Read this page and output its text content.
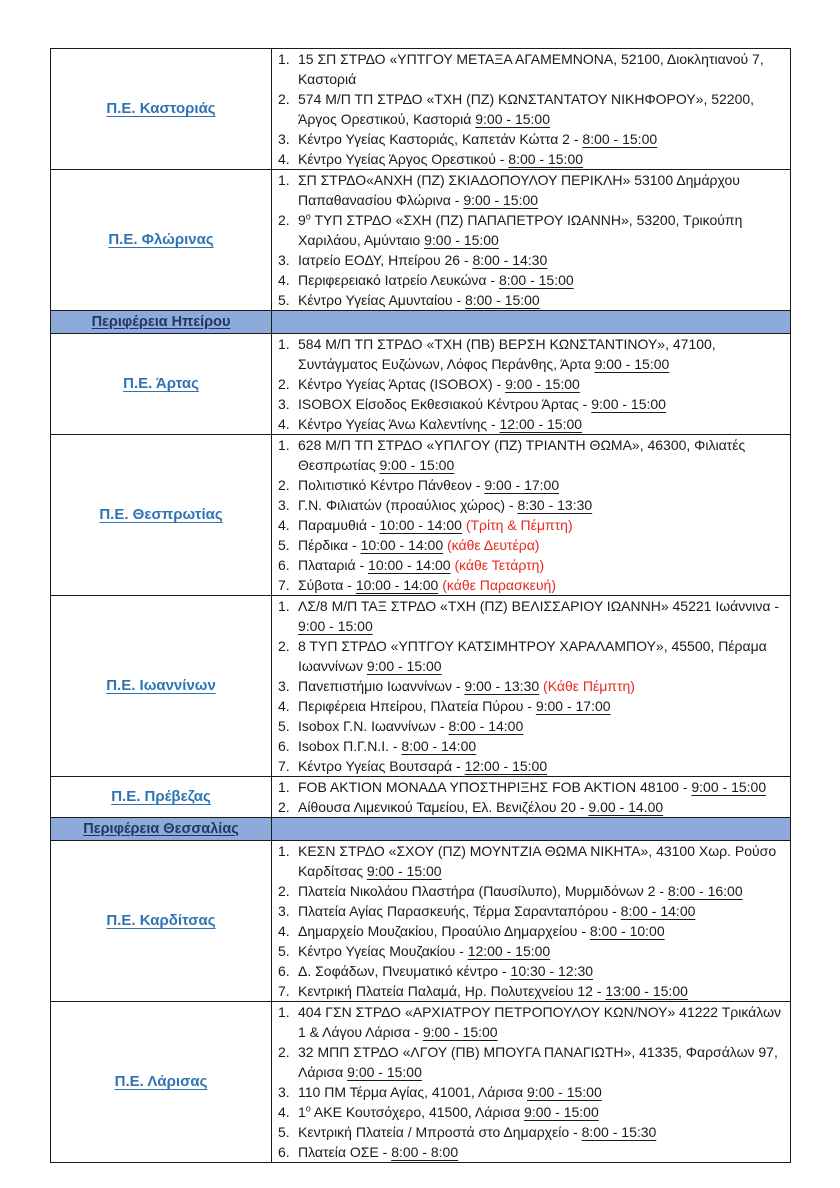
Π.Ε. Καστοριάς	
1. 15 ΣΠ ΣΤΡΔΟ «ΥΠΤΓΟΥ ΜΕΤΑΞΑ ΑΓΑΜΕΜΝΟΝΑ, 52100, Διοκλητιανού 7, Καστοριά
2. 574 Μ/Π ΤΠ ΣΤΡΔΟ «ΤΧΗ (ΠΖ) ΚΩΝΣΤΑΝΤΑΤΟΥ ΝΙΚΗΦΟΡΟΥ», 52200, Άργος Ορεστικού, Καστοριά 9:00 - 15:00
3. Κέντρο Υγείας Καστοριάς, Καπετάν Κώττα 2 - 8:00 - 15:00
4. Κέντρο Υγείας Άργος Ορεστικού - 8:00 - 15:00

Π.Ε. Φλώρινας	
1. ΣΠ ΣΤΡΔΟ«ΑΝΧΗ (ΠΖ) ΣΚΙΑΔΟΠΟΥΛΟΥ ΠΕΡΙΚΛΗ» 53100 Δημάρχου Παπαθανασίου Φλώρινα - 9:00 - 15:00
2. $9^o$ ΤΥΠ ΣΤΡΔΟ «ΣΧΗ (ΠΖ) ΠΑΠΑΠΕΤΡΟΥ ΙΩΑΝΝΗ», 53200, Τρικούπη Χαριλάου, Αμύνταιο 9:00 - 15:00
3. Ιατρείο ΕΟΔΥ, Ηπείρου 26 - 8:00 - 14:30
4. Περιφερειακό Ιατρείο Λευκώνα - 8:00 - 15:00
5. Κέντρο Υγείας Αμυνταίου - 8:00 - 15:00

Περιφέρεια Ηπείρου	

Π.Ε. Άρτας	
1. 584 Μ/Π ΤΠ ΣΤΡΔΟ «ΤΧΗ (ΠΒ) ΒΕΡΣΗ ΚΩΝΣΤΑΝΤΙΝΟΥ», 47100, Συντάγματος Ευζώνων, Λόφος Περάνθης, Άρτα 9:00 - 15:00
2. Κέντρο Υγείας Άρτας (ISOBOX) - 9:00 - 15:00
3. ISOBOX Είσοδος Εκθεσιακού Κέντρου Άρτας - 9:00 - 15:00
4. Κέντρο Υγείας Άνω Καλεντίνης - 12:00 - 15:00

Π.Ε. Θεσπρωτίας	
1. 628 Μ/Π ΤΠ ΣΤΡΔΟ «ΥΠΛΓΟΥ (ΠΖ) ΤΡΙΑΝΤΗ ΘΩΜΑ», 46300, Φιλιατές Θεσπρωτίας 9:00 - 15:00
2. Πολιτιστικό Κέντρο Πάνθεον - 9:00 - 17:00
3. Γ.Ν. Φιλιατών (προαύλιος χώρος) - 8:30 - 13:30
4. Παραμυθιά - 10:00 - 14:00 (Τρίτη & Πέμπτη)
5. Πέρδικα - 10:00 - 14:00 (κάθε Δευτέρα)
6. Πλαταριά - 10:00 - 14:00 (κάθε Τετάρτη)
7. Σύβοτα - 10:00 - 14:00 (κάθε Παρασκευή)

Π.Ε. Ιωαννίνων	
1. ΛΣ/8 Μ/Π ΤΑΞ ΣΤΡΔΟ «ΤΧΗ (ΠΖ) ΒΕΛΙΣΣΑΡΙΟΥ ΙΩΑΝΝΗ» 45221 Ιωάννινα - 9:00 - 15:00
2. 8 ΤΥΠ ΣΤΡΔΟ «ΥΠΤΓΟΥ ΚΑΤΣΙΜΗΤΡΟΥ ΧΑΡΑΛΑΜΠΟΥ», 45500, Πέραμα Ιωαννίνων 9:00 - 15:00
3. Πανεπιστήμιο Ιωαννίνων - 9:00 - 13:30 (Κάθε Πέμπτη)
4. Περιφέρεια Ηπείρου, Πλατεία Πύρου - 9:00 - 17:00
5. Isobox Γ.Ν. Ιωαννίνων - 8:00 - 14:00
6. Isobox Π.Γ.Ν.Ι. - 8:00 - 14:00
7. Κέντρο Υγείας Βουτσαρά - 12:00 - 15:00

Π.Ε. Πρέβεζας	1. FOB AKTION ΜΟΝΑΔΑ ΥΠΟΣΤΗΡΙΞΗΣ FOB AKTION 48100 - 9:00 - 15:00
2. Αίθουσα Λιμενικού Ταμείου, Ελ. Βενιζέλου 20 - 9.00 - 14.00

Περιφέρεια Θεσσαλίας	

Π.Ε. Καρδίτσας	
1. ΚΕΣΝ ΣΤΡΔΟ «ΣΧΟΥ (ΠΖ) ΜΟΥΝΤΖΙΑ ΘΩΜΑ ΝΙΚΗΤΑ», 43100 Χωρ. Ρούσο Καρδίτσας 9:00 - 15:00
2. Πλατεία Νικολάου Πλαστήρα (Παυσίλυπο), Μυρμιδόνων 2 - 8:00 - 16:00
3. Πλατεία Αγίας Παρασκευής, Τέρμα Σαρανταπόρου - 8:00 - 14:00
4. Δημαρχείο Μουζακίου, Προαύλιο Δημαρχείου - 8:00 - 10:00
5. Κέντρο Υγείας Μουζακίου - 12:00 - 15:00
6. Δ. Σοφάδων, Πνευματικό κέντρο - 10:30 - 12:30
7. Κεντρική Πλατεία Παλαμά, Ηρ. Πολυτεχνείου 12 - 13:00 - 15:00

Π.Ε. Λάρισας	
1. 404 ΓΣΝ ΣΤΡΔΟ «ΑΡΧΙΑΤΡΟΥ ΠΕΤΡΟΠΟΥΛΟΥ ΚΩΝ/ΝΟΥ» 41222 Τρικάλων 1 & Λάγου Λάρισα - 9:00 - 15:00
2. 32 ΜΠΠ ΣΤΡΔΟ «ΛΓΟΥ (ΠΒ) ΜΠΟΥΓΑ ΠΑΝΑΓΙΩΤΗ», 41335, Φαρσάλων 97, Λάρισα 9:00 - 15:00
3. 110 ΠΜ Τέρμα Αγίας, 41001, Λάρισα 9:00 - 15:00
4. $1^o$ ΑΚΕ Κουτσόχερο, 41500, Λάρισα 9:00 - 15:00
5. Κεντρική Πλατεία / Μπροστά στο Δημαρχείο - 8:00 - 15:30
6. Πλατεία ΟΣΕ - 8:00 - 8:00
